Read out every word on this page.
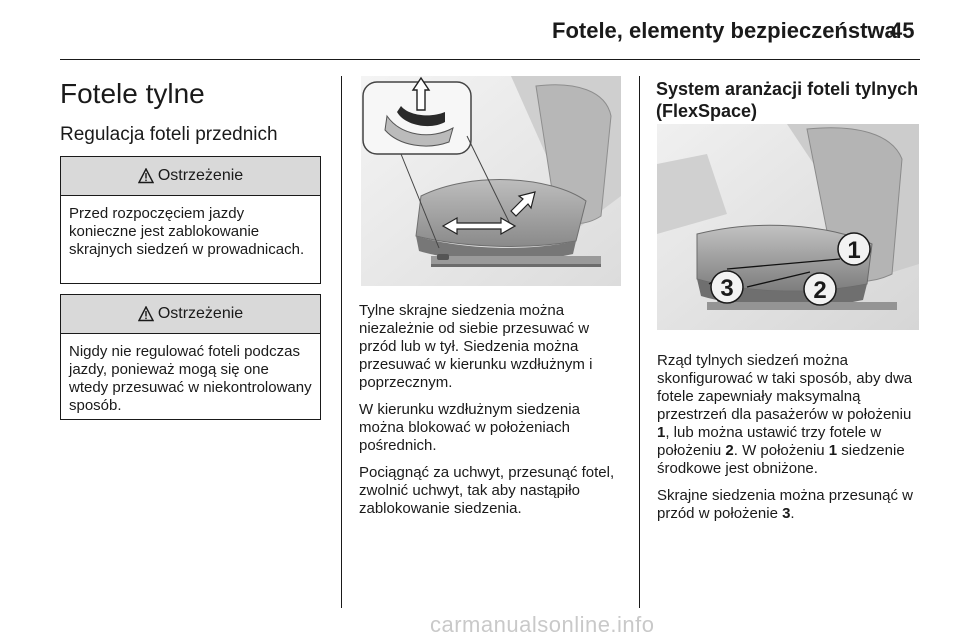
Fotele, elementy bezpieczeństwa
45
Fotele tylne
Regulacja foteli przednich
Ostrzeżenie
Przed rozpoczęciem jazdy konieczne jest zablokowanie skrajnych siedzeń w prowadnicach.
Ostrzeżenie
Nigdy nie regulować foteli podczas jazdy, ponieważ mogą się one wtedy przesuwać w niekontrolowany sposób.

Tylne skrajne siedzenia można niezależnie od siebie przesuwać w przód lub w tył. Siedzenia można przesuwać w kierunku wzdłużnym i poprzecznym.

W kierunku wzdłużnym siedzenia można blokować w położeniach pośrednich.

Pociągnąć za uchwyt, przesunąć fotel, zwolnić uchwyt, tak aby nastąpiło zablokowanie siedzenia.

System aranżacji foteli tylnych (FlexSpace)
1
2
3

Rząd tylnych siedzeń można skonfigurować w taki sposób, aby dwa fotele zapewniały maksymalną przestrzeń dla pasażerów w położeniu 1, lub można ustawić trzy fotele w położeniu 2. W położeniu 1 siedzenie środkowe jest obniżone.

Skrajne siedzenia można przesunąć w przód w położenie 3.

carmanualsonline.info
